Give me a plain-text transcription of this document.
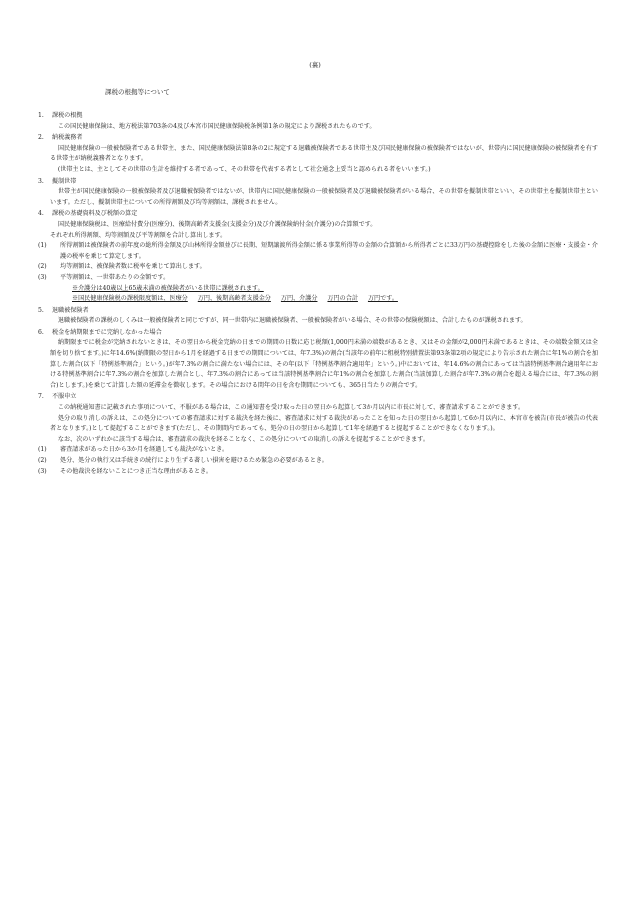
(裏)
課税の根拠等について
1. 課税の根拠
この国民健康保険は、地方税法第703条の4及び本宮市国民健康保険税条例第1条の規定により課税されたものです。
2. 納税義務者
国民健康保険の一般被保険者である世帯主、また、国民健康保険法第8条の2に規定する退職被保険者である世帯主及び国民健康保険の被保険者ではないが、世帯内に国民健康保険の被保険者を有する世帯主が納税義務者となります。
(世帯主とは、主としてその世帯の生計を維持する者であって、その世帯を代表する者として社会通念上妥当と認められる者をいいます。)
3. 擬制世帯
世帯主が国民健康保険の一般被保険者及び退職被保険者ではないが、世帯内に国民健康保険の一般被保険者及び退職被保険者がいる場合、その世帯を擬制世帯といい、その世帯主を擬制世帯主といいます。ただし、擬制世帯主についての所得割額及び均等割額は、課税されません。
4. 課税の基礎資料及び税額の算定
国民健康保険税は、医療給付費分(医療分)、後期高齢者支援金(支援金分)及び介護保険納付金(介護分)の合算額です。
それぞれ所得割額、均等割額及び平等割額を合計し算出します。
(1)	所得割額は被保険者の前年度の総所得金額及び山林所得金額並びに長期、短期譲渡所得金額に係る事業所得等の金額の合算額から所得者ごとに33万円の基礎控除をした後の金額に医療・支援金・介護の税率を乗じて算定します。
(2)	均等割額は、被保険者数に税率を乗じて算出します。
(3)	平等割額は、一世帯あたりの金額です。
※介護分は40歳以上65歳未満の被保険者がいる世帯に課税されます。
※国民健康保険税の課税限度額は、医療分 万円、後期高齢者支援金分 万円、介護分 万円の合計 万円です。
5. 退職被保険者
退職被保険者の課税のしくみは一般被保険者と同じですが、同一世帯内に退職被保険者、一般被保険者がいる場合、その世帯の保険税額は、合計したものが課税されます。
6. 税金を納期限までに完納しなかった場合
納期限までに税金が完納されないときは、その翌日から税金完納の日までの期間の日数に応じ税額(1,000円未満の端数があるとき、又はその金額が2,000円未満であるときは、その端数金額又は全額を切り捨てます。)に年14.6%(納期限の翌日から1月を経過する日までの期間については、年7.3%)の割合(当該年の前年に租税特別措置法第93条第2項の規定により告示された割合に年1%の割合を加算した割合(以下「特例基準割合」という。)が年7.3%の割合に満たない場合には、その年(以下「特例基準割合適用年」という。)中においては、年14.6%の割合にあっては当該特例基準割合適用年における特例基準割合に年7.3%の割合を加算した割合とし、年7.3%の割合にあっては当該特例基準割合に年1%の割合を加算した割合(当該加算した割合が年7.3%の割合を超える場合には、年7.3%の割合)とします。)を乗じて計算した額の延滞金を徴収します。その場合における閏年の日を含む期間についても、365日当たりの割合です。
7. 不服申立
この納税通知書に記載された事項について、不服がある場合は、この通知書を受け取った日の翌日から起算して3か月以内に市長に対して、審査請求することができます。
処分の取り消しの訴えは、この処分についての審査請求に対する裁決を経た後に、審査請求に対する裁決があったことを知った日の翌日から起算して6か月以内に、本宮市を被告(市長が被告の代表者となります。)として提起することができます(ただし、その期間内であっても、処分の日の翌日から起算して1年を経過すると提起することができなくなります。)。
なお、次のいずれかに該当する場合は、審査請求の裁決を経ることなく、この処分についての取消しの訴えを提起することができます。
(1)	審査請求があった日から3か月を経過しても裁決がないとき。
(2)	処分、処分の執行又は手続きの続行により生ずる著しい損害を避けるため緊急の必要があるとき。
(3)	その他裁決を経ないことにつき正当な理由があるとき。
